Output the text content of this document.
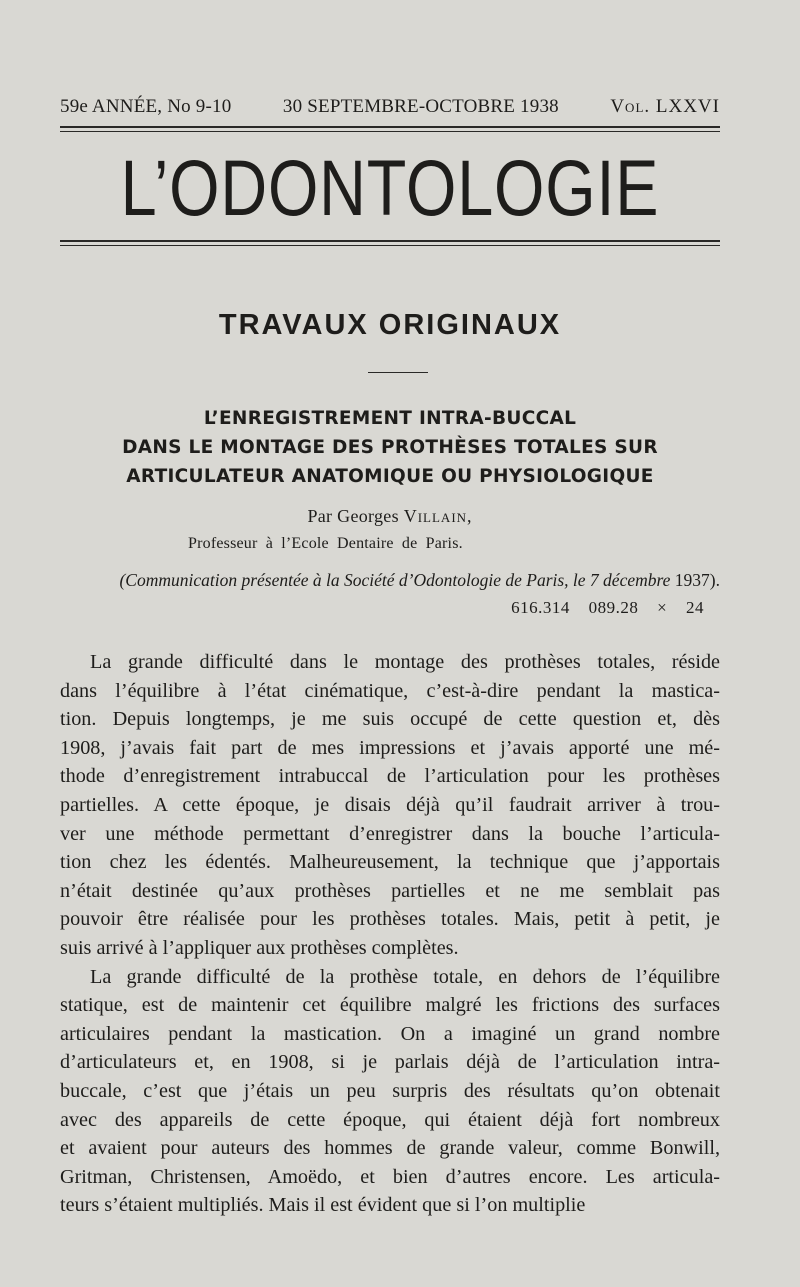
59e ANNÉE, No 9-10	30 SEPTEMBRE-OCTOBRE 1938	Vol. LXXVI
L’ODONTOLOGIE
TRAVAUX ORIGINAUX
L’ENREGISTREMENT INTRA-BUCCAL
DANS LE MONTAGE DES PROTHÈSES TOTALES SUR
ARTICULATEUR ANATOMIQUE OU PHYSIOLOGIQUE
Par Georges Villain,
Professeur à l’Ecole Dentaire de Paris.
(Communication présentée à la Société d’Odontologie de Paris, le 7 décembre 1937).
616.314 089.28 × 24
La grande difficulté dans le montage des prothèses totales, réside
dans l’équilibre à l’état cinématique, c’est-à-dire pendant la mastica-
tion. Depuis longtemps, je me suis occupé de cette question et, dès
1908, j’avais fait part de mes impressions et j’avais apporté une mé-
thode d’enregistrement intrabuccal de l’articulation pour les prothèses
partielles. A cette époque, je disais déjà qu’il faudrait arriver à trou-
ver une méthode permettant d’enregistrer dans la bouche l’articula-
tion chez les édentés. Malheureusement, la technique que j’apportais
n’était destinée qu’aux prothèses partielles et ne me semblait pas
pouvoir être réalisée pour les prothèses totales. Mais, petit à petit, je
suis arrivé à l’appliquer aux prothèses complètes.
La grande difficulté de la prothèse totale, en dehors de l’équilibre
statique, est de maintenir cet équilibre malgré les frictions des surfaces
articulaires pendant la mastication. On a imaginé un grand nombre
d’articulateurs et, en 1908, si je parlais déjà de l’articulation intra-
buccale, c’est que j’étais un peu surpris des résultats qu’on obtenait
avec des appareils de cette époque, qui étaient déjà fort nombreux
et avaient pour auteurs des hommes de grande valeur, comme Bonwill,
Gritman, Christensen, Amoëdo, et bien d’autres encore. Les articula-
teurs s’étaient multipliés. Mais il est évident que si l’on multiplie
